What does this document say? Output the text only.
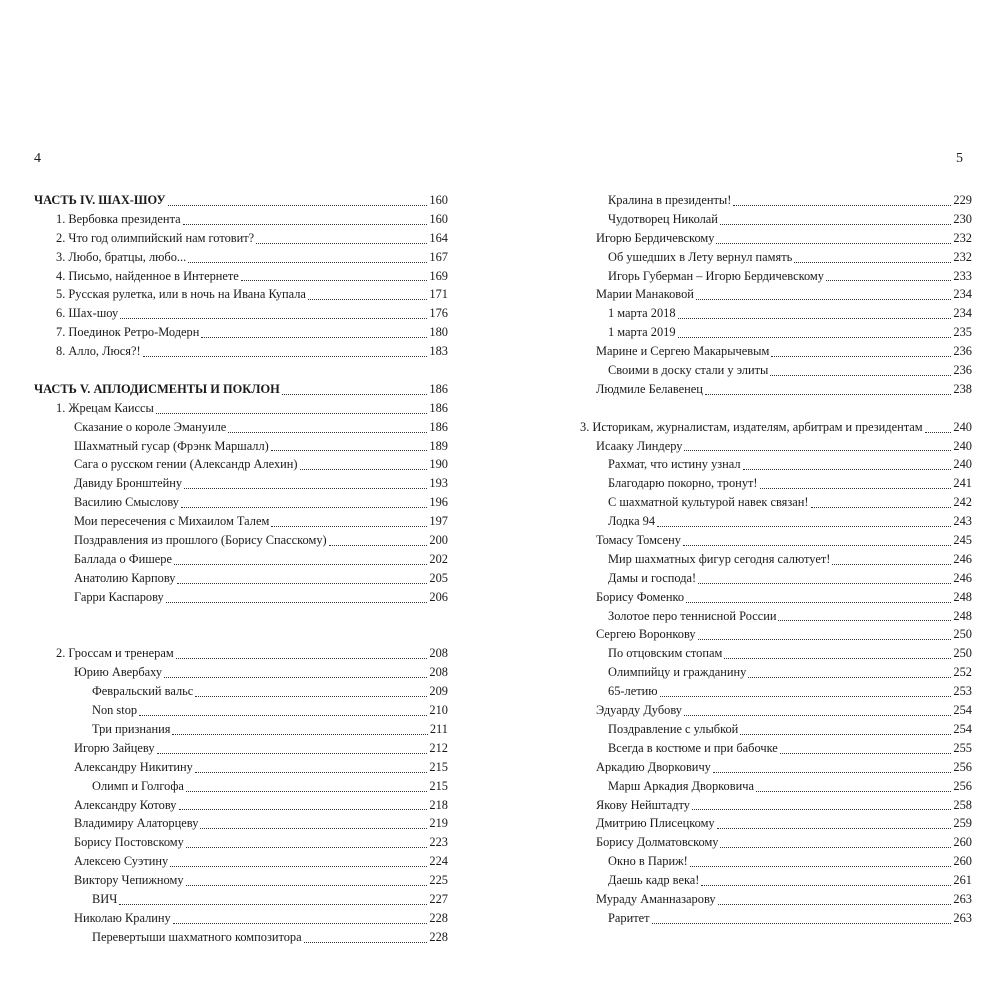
4	5
ЧАСТЬ IV. ШАХ-ШОУ	160
1. Вербовка президента	160
2. Что год олимпийский нам готовит?	164
3. Любо, братцы, любо...	167
4. Письмо, найденное в Интернете	169
5. Русская рулетка, или в ночь на Ивана Купала	171
6. Шах-шоу	176
7. Поединок Ретро-Модерн	180
8. Алло, Люся?!	183
ЧАСТЬ V. АПЛОДИСМЕНТЫ И ПОКЛОН	186
1. Жрецам Каиссы	186
Сказание о короле Эмануиле	186
Шахматный гусар (Фрэнк Маршалл)	189
Сага о русском гении (Александр Алехин)	190
Давиду Бронштейну	193
Василию Смыслову	196
Мои пересечения с Михаилом Талем	197
Поздравления из прошлого (Борису Спасскому)	200
Баллада о Фишере	202
Анатолию Карпову	205
Гарри Каспарову	206
2. Гроссам и тренерам	208
Юрию Авербаху	208
Февральский вальс	209
Non stop	210
Три признания	211
Игорю Зайцеву	212
Александру Никитину	215
Олимп и Голгофа	215
Александру Котову	218
Владимиру Алаторцеву	219
Борису Постовскому	223
Алексею Суэтину	224
Виктору Чепижному	225
ВИЧ	227
Николаю Кралину	228
Перевертыши шахматного композитора	228
Кралина в президенты!	229
Чудотворец Николай	230
Игорю Бердичевскому	232
Об ушедших в Лету вернул память	232
Игорь Губерман – Игорю Бердичевскому	233
Марии Манаковой	234
1 марта 2018	234
1 марта 2019	235
Марине и Сергею Макарычевым	236
Своими в доску стали у элиты	236
Людмиле Белавенец	238
3. Историкам, журналистам, издателям, арбитрам и президентам 240
Исааку Линдеру	240
Рахмат, что истину узнал	240
Благодарю покорно, тронут!	241
С шахматной культурой навек связан!	242
Лодка 94	243
Томасу Томсену	245
Мир шахматных фигур сегодня салютует!	246
Дамы и господа!	246
Борису Фоменко	248
Золотое перо теннисной России	248
Сергею Воронкову	250
По отцовским стопам	250
Олимпийцу и гражданину	252
65-летию	253
Эдуарду Дубову	254
Поздравление с улыбкой	254
Всегда в костюме и при бабочке	255
Аркадию Дворковичу	256
Марш Аркадия Дворковича	256
Якову Нейштадту	258
Дмитрию Плисецкому	259
Борису Долматовскому	260
Окно в Париж!	260
Даешь кадр века!	261
Мураду Аманназарову	263
Раритет	263
